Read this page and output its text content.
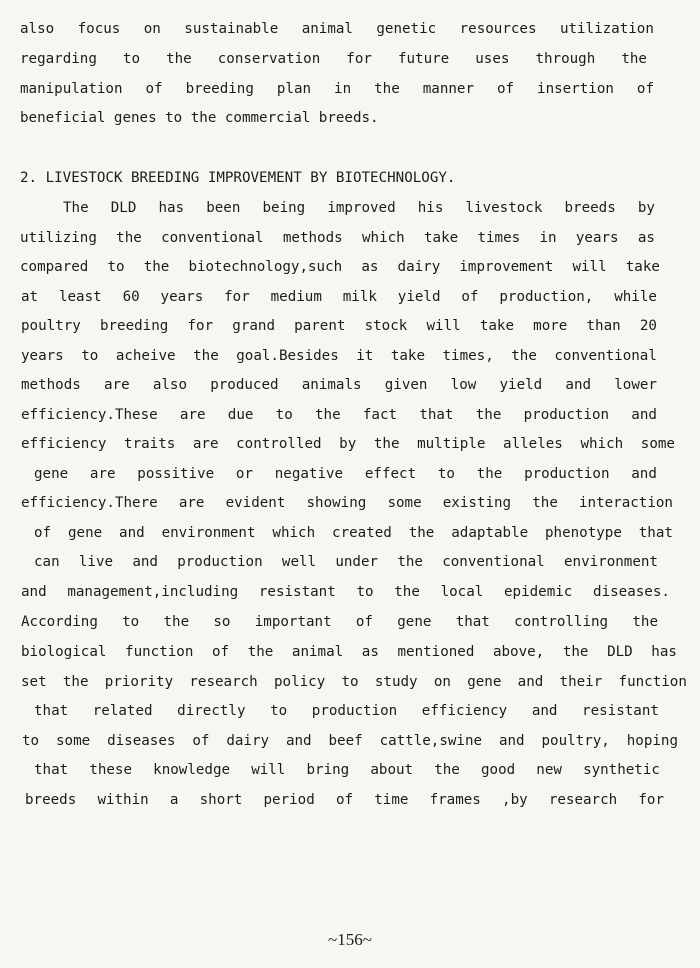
also focus on sustainable animal genetic resources utilization
regarding to the conservation for future uses through the
manipulation of breeding plan in the manner of insertion of
beneficial genes to the commercial breeds.
2. LIVESTOCK BREEDING IMPROVEMENT BY BIOTECHNOLOGY.
The DLD has been being improved his livestock breeds by
utilizing the conventional methods which take times in years as
compared to the biotechnology,such as dairy improvement will take
at least 60 years for medium milk yield of production, while
poultry breeding for grand parent stock will take more than 20
years to acheive the goal.Besides it take times, the conventional
methods are also produced animals given low yield and lower
efficiency.These are due to the fact that the production and
efficiency traits are controlled by the multiple alleles which some
gene are possitive or negative effect to the production and
efficiency.There are evident showing some existing the interaction
of gene and environment which created the adaptable phenotype that
can live and production well under the conventional environment
and management,including resistant to the local epidemic diseases.
According to the so important of gene that controlling the
biological function of the animal as mentioned above, the DLD has
set the priority research policy to study on gene and their function
that related directly to production efficiency and resistant
to some diseases of dairy and beef cattle,swine and poultry, hoping
that these knowledge will bring about the good new synthetic
breeds within a short period of time frames ,by research for
~156~
